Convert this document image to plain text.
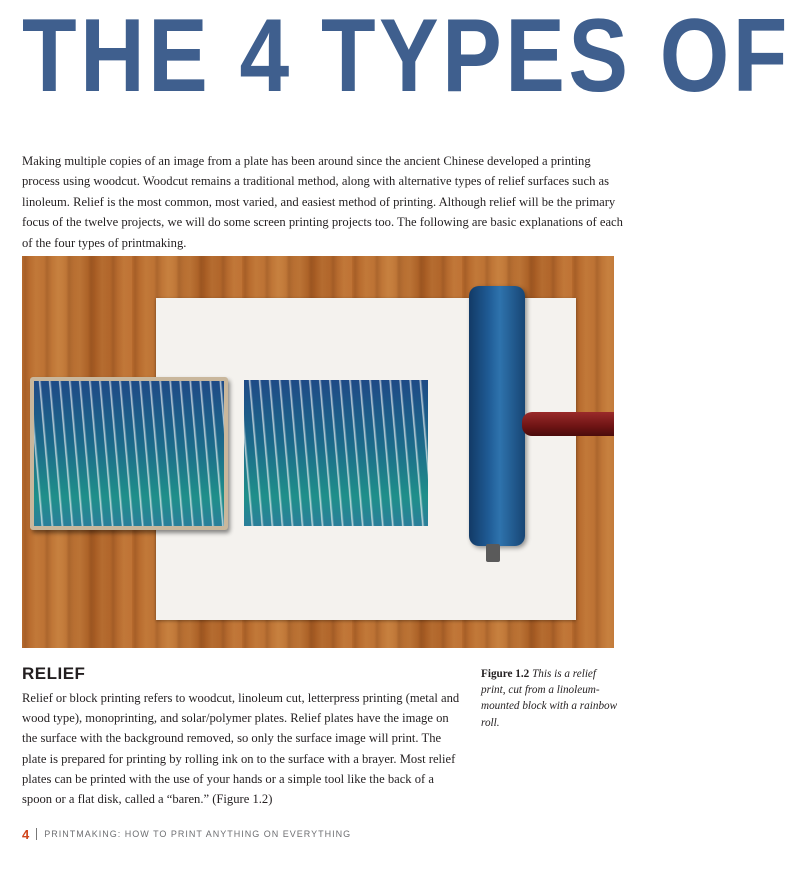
THE 4 TYPES OF

Making multiple copies of an image from a plate has been around since the ancient Chinese developed a printing process using woodcut. Woodcut remains a traditional method, along with alternative types of relief surfaces such as linoleum. Relief is the most common, most varied, and easiest method of printing. Although relief will be the primary focus of the twelve projects, we will do some screen printing projects too. The following are basic explanations of each of the four types of printmaking.

RELIEF

Relief or block printing refers to woodcut, linoleum cut, letterpress printing (metal and wood type), monoprinting, and solar/polymer plates. Relief plates have the image on the surface with the background removed, so only the surface image will print. The plate is prepared for printing by rolling ink on to the surface with a brayer. Most relief plates can be printed with the use of your hands or a simple tool like the back of a spoon or a flat disk, called a “baren.” (Figure 1.2)

Figure 1.2 This is a relief print, cut from a linoleum-mounted block with a rainbow roll.

4 PRINTMAKING: HOW TO PRINT ANYTHING ON EVERYTHING
